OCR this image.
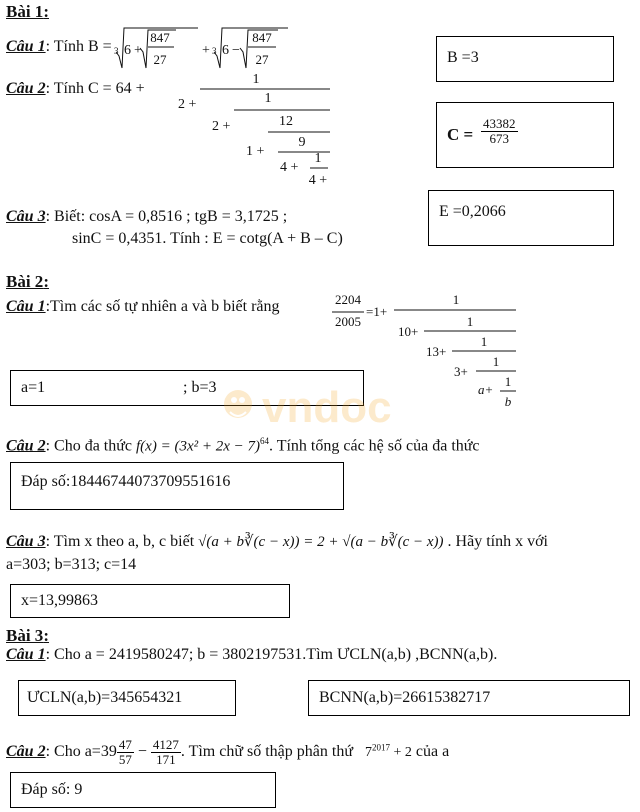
Bài 1:
Câu 1: Tính B = 3 6 +
847
27
+ 3 6 −
847
27	B =3
Câu 2: Tính C = 64 +
1
2 +	1
2 +	12
1 +
9
4 +
1
4 +
$C = \frac{43382}{673}$
Câu 3: Biết: cosA = 0,8516 ; tgB = 3,1725 ;
sinC = 0,4351. Tính : E = cotg(A + B – C)
E =0,2066
Bài 2:
Câu 1:Tìm các số tự nhiên a và b biết rằng	2204
2005
=1+
1
10+
1
13+
1
3+
1
a+
1
b
a=1	; b=3 vndoc
Câu 2: Cho đa thức $f(x) = (3x^2 + 2x - 7)^{64}$. Tính tổng các hệ số của đa thức
Đáp số:18446744073709551616
Câu 3: Tìm x theo a, b, c biết √(a + b∛(c − x)) = 2 + √(a − b∛(c − x)) . Hãy tính x với
a=303; b=313; c=14
x=13,99863
Bài 3:
Câu 1: Cho a = 2419580247; b = 3802197531.Tìm ƯCLN(a,b) ,BCNN(a,b).
ƯCLN(a,b)=345654321	BCNN(a,b)=26615382717
Câu 2: Cho $a=39 \frac{47}{57} - \frac{4127}{171}$ . Tìm chữ số thập phân thứ $7^{2017} + 2$ của a
Đáp số: 9
